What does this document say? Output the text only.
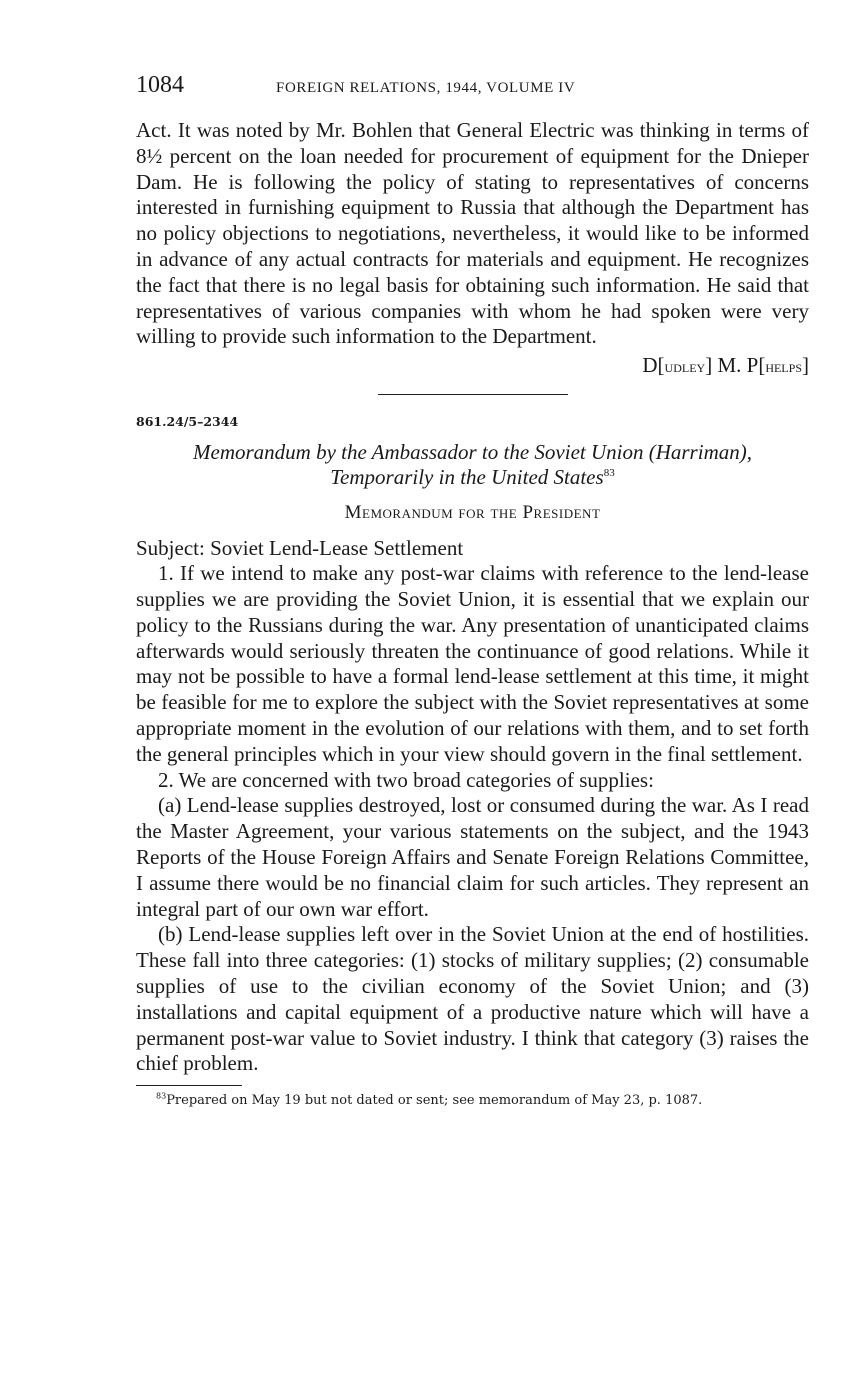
1084	FOREIGN RELATIONS, 1944, VOLUME IV

Act. It was noted by Mr. Bohlen that General Electric was thinking in terms of 8½ percent on the loan needed for procurement of equipment for the Dnieper Dam. He is following the policy of stating to representatives of concerns interested in furnishing equipment to Russia that although the Department has no policy objections to negotiations, nevertheless, it would like to be informed in advance of any actual contracts for materials and equipment. He recognizes the fact that there is no legal basis for obtaining such information. He said that representatives of various companies with whom he had spoken were very willing to provide such information to the Department.

D[udley] M. P[helps]
861.24/5–2344
Memorandum by the Ambassador to the Soviet Union (Harriman),
Temporarily in the United States$^{83}$
Memorandum for the President
Subject: Soviet Lend-Lease Settlement

1. If we intend to make any post-war claims with reference to the lend-lease supplies we are providing the Soviet Union, it is essential that we explain our policy to the Russians during the war. Any presentation of unanticipated claims afterwards would seriously threaten the continuance of good relations. While it may not be possible to have a formal lend-lease settlement at this time, it might be feasible for me to explore the subject with the Soviet representatives at some appropriate moment in the evolution of our relations with them, and to set forth the general principles which in your view should govern in the final settlement.

2. We are concerned with two broad categories of supplies:

(a) Lend-lease supplies destroyed, lost or consumed during the war. As I read the Master Agreement, your various statements on the subject, and the 1943 Reports of the House Foreign Affairs and Senate Foreign Relations Committee, I assume there would be no financial claim for such articles. They represent an integral part of our own war effort.

(b) Lend-lease supplies left over in the Soviet Union at the end of hostilities. These fall into three categories: (1) stocks of military supplies; (2) consumable supplies of use to the civilian economy of the Soviet Union; and (3) installations and capital equipment of a productive nature which will have a permanent post-war value to Soviet industry. I think that category (3) raises the chief problem.

$^{83}$Prepared on May 19 but not dated or sent; see memorandum of May 23, p. 1087.
